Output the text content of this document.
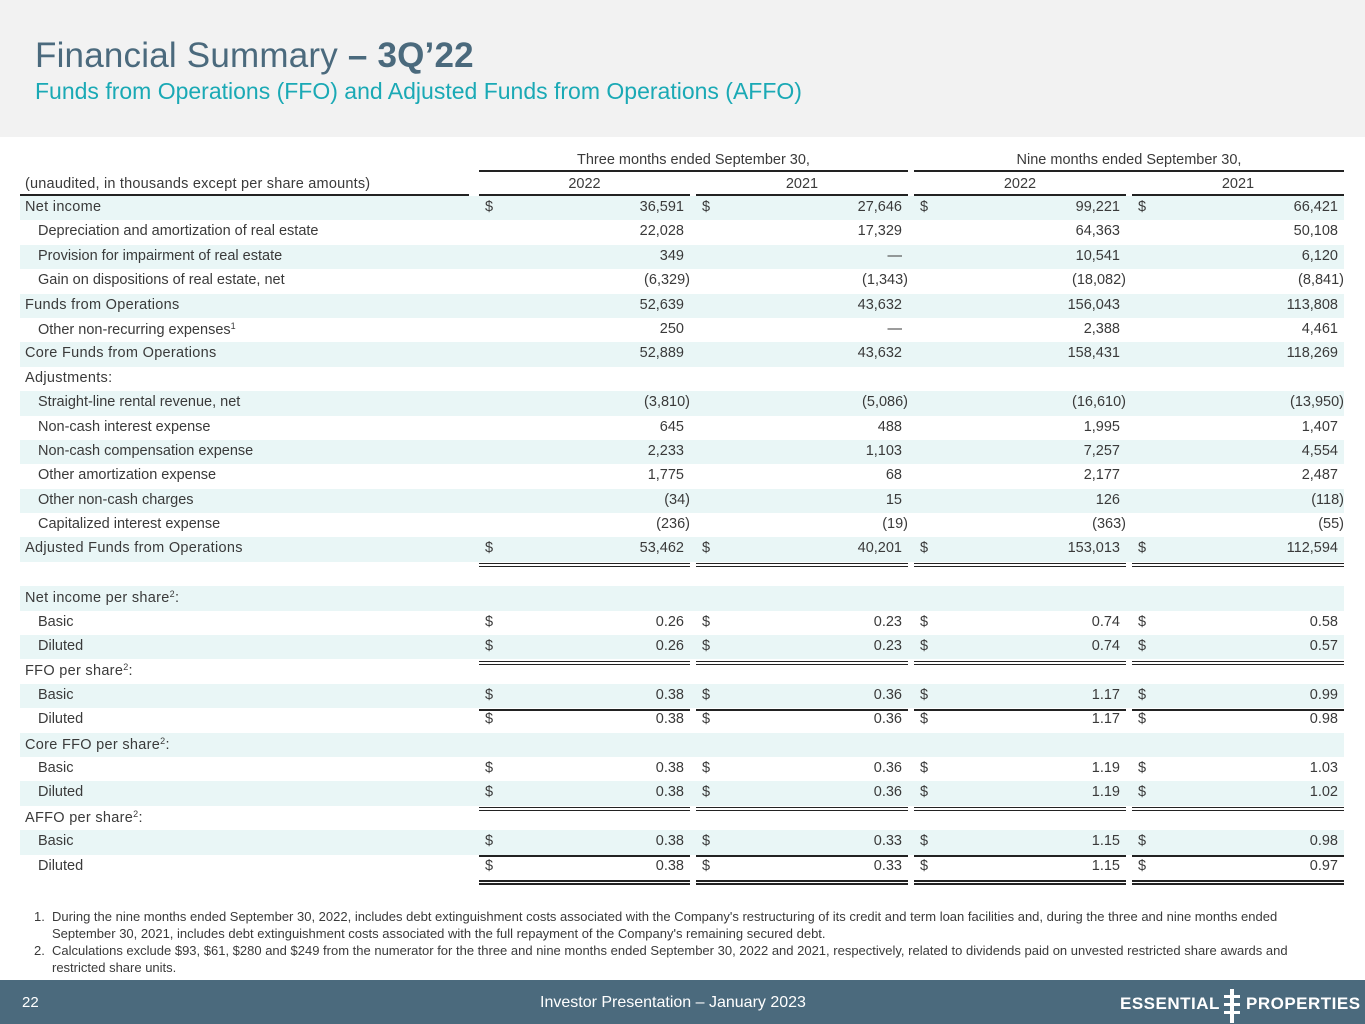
Financial Summary – 3Q’22
Funds from Operations (FFO) and Adjusted Funds from Operations (AFFO)
Three months ended September 30,	Nine months ended September 30,
(unaudited, in thousands except per share amounts)	2022	2021	2022	2021
Net income	$	36,591 $	27,646 $	99,221 $	66,421
Depreciation and amortization of real estate	22,028	17,329	64,363	50,108
Provision for impairment of real estate	349	—	10,541	6,120
Gain on dispositions of real estate, net	(6,329)	(1,343)	(18,082)	(8,841)
Funds from Operations	52,639	43,632	156,043	113,808
Other non-recurring expenses$^1$	250	—	2,388	4,461
Core Funds from Operations	52,889	43,632	158,431	118,269
Adjustments:
Straight-line rental revenue, net	(3,810)	(5,086)	(16,610)	(13,950)
Non-cash interest expense	645	488	1,995	1,407
Non-cash compensation expense	2,233	1,103	7,257	4,554
Other amortization expense	1,775	68	2,177	2,487
Other non-cash charges	(34)	15	126	(118)
Capitalized interest expense	(236)	(19)	(363)	(55)
Adjusted Funds from Operations	$	53,462 $	40,201 $	153,013 $	112,594
Net income per share$^2$:
Basic	$	0.26 $	0.23 $	0.74 $	0.58
Diluted	$	0.26 $	0.23 $	0.74 $	0.57
FFO per share$^2$:
Basic	$	0.38 $	0.36 $	1.17 $	0.99
Diluted	$	0.38 $	0.36 $	1.17 $	0.98
Core FFO per share$^2$:
Basic	$	0.38 $	0.36 $	1.19 $	1.03
Diluted	$	0.38 $	0.36 $	1.19 $	1.02
AFFO per share$^2$:
Basic	$	0.38 $	0.33 $	1.15 $	0.98
Diluted	$	0.38 $	0.33 $	1.15 $	0.97
1. During the nine months ended September 30, 2022, includes debt extinguishment costs associated with the Company's restructuring of its credit and term loan facilities and, during the three and nine months ended September 30, 2021, includes debt extinguishment costs associated with the full repayment of the Company's remaining secured debt.
2. Calculations exclude $93, $61, $280 and $249 from the numerator for the three and nine months ended September 30, 2022 and 2021, respectively, related to dividends paid on unvested restricted share awards and restricted share units.
22	Investor Presentation – January 2023	ESSENTIAL PROPERTIES
